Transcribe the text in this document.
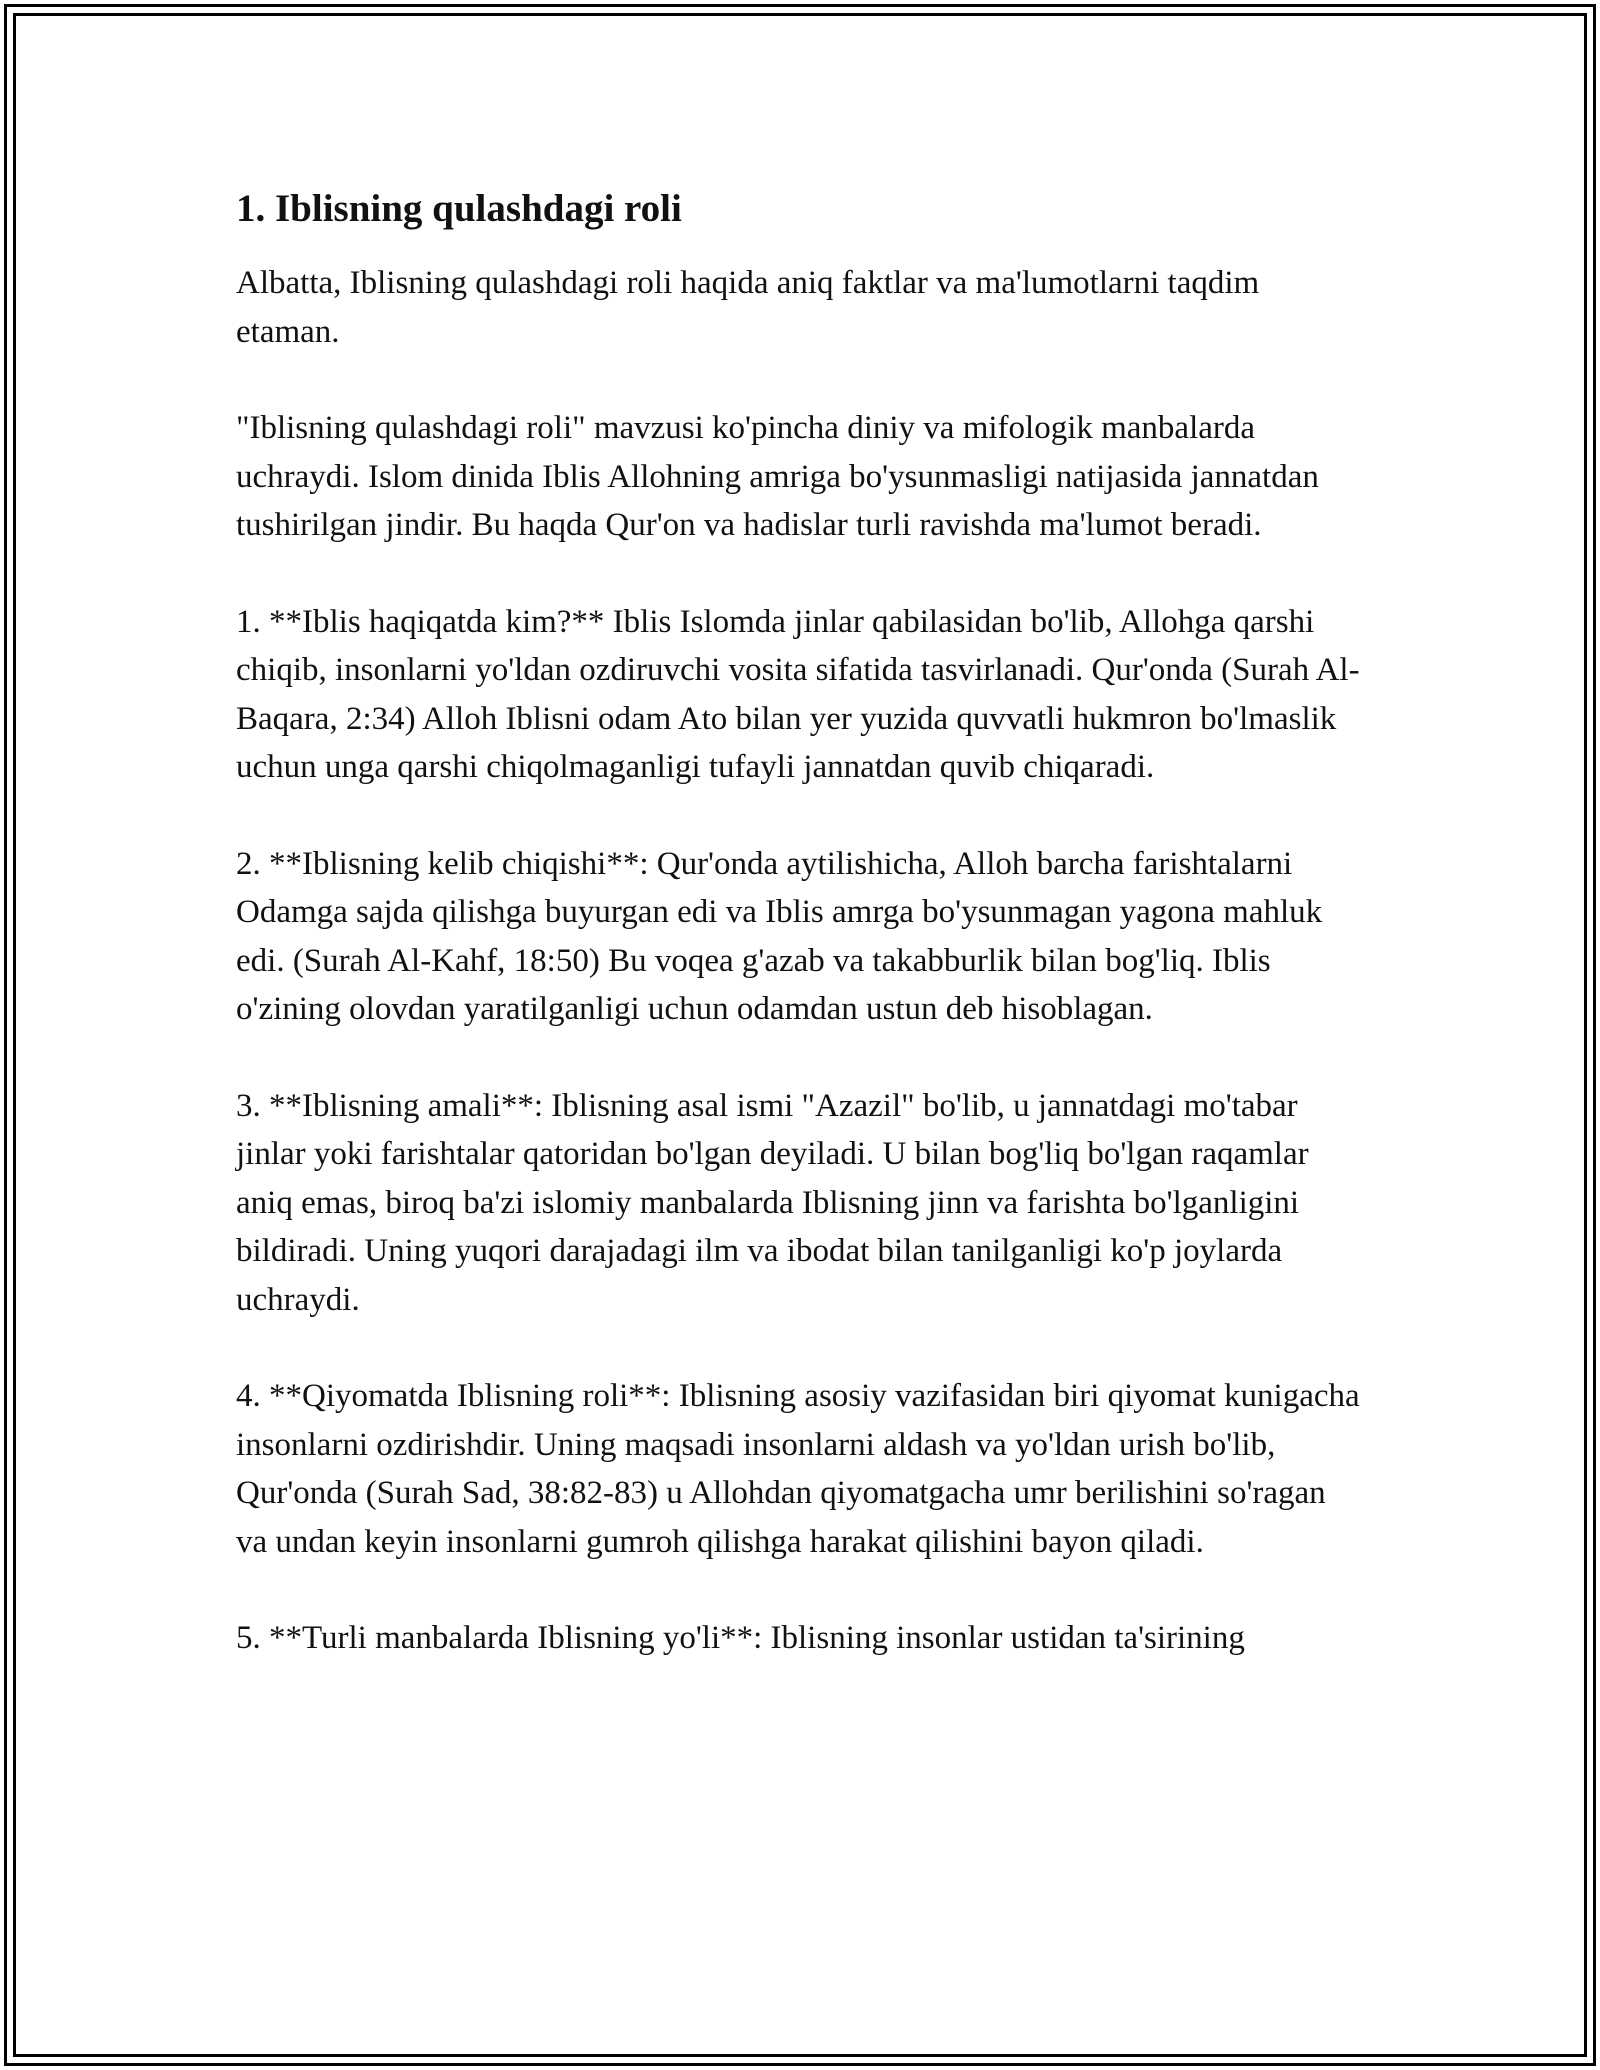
1. Iblisning qulashdagi roli

Albatta, Iblisning qulashdagi roli haqida aniq faktlar va ma'lumotlarni taqdim etaman.

"Iblisning qulashdagi roli" mavzusi ko'pincha diniy va mifologik manbalarda uchraydi. Islom dinida Iblis Allohning amriga bo'ysunmasligi natijasida jannatdan tushirilgan jindir. Bu haqda Qur'on va hadislar turli ravishda ma'lumot beradi.

1. **Iblis haqiqatda kim?** Iblis Islomda jinlar qabilasidan bo'lib, Allohga qarshi chiqib, insonlarni yo'ldan ozdiruvchi vosita sifatida tasvirlanadi. Qur'onda (Surah Al-Baqara, 2:34) Alloh Iblisni odam Ato bilan yer yuzida quvvatli hukmron bo'lmaslik uchun unga qarshi chiqolmaganligi tufayli jannatdan quvib chiqaradi.

2. **Iblisning kelib chiqishi**: Qur'onda aytilishicha, Alloh barcha farishtalarni Odamga sajda qilishga buyurgan edi va Iblis amrga bo'ysunmagan yagona mahluk edi. (Surah Al-Kahf, 18:50) Bu voqea g'azab va takabburlik bilan bog'liq. Iblis o'zining olovdan yaratilganligi uchun odamdan ustun deb hisoblagan.

3. **Iblisning amali**: Iblisning asal ismi "Azazil" bo'lib, u jannatdagi mo'tabar jinlar yoki farishtalar qatoridan bo'lgan deyiladi. U bilan bog'liq bo'lgan raqamlar aniq emas, biroq ba'zi islomiy manbalarda Iblisning jinn va farishta bo'lganligini bildiradi. Uning yuqori darajadagi ilm va ibodat bilan tanilganligi ko'p joylarda uchraydi.

4. **Qiyomatda Iblisning roli**: Iblisning asosiy vazifasidan biri qiyomat kunigacha insonlarni ozdirishdir. Uning maqsadi insonlarni aldash va yo'ldan urish bo'lib, Qur'onda (Surah Sad, 38:82-83) u Allohdan qiyomatgacha umr berilishini so'ragan va undan keyin insonlarni gumroh qilishga harakat qilishini bayon qiladi.

5. **Turli manbalarda Iblisning yo'li**: Iblisning insonlar ustidan ta'sirining
